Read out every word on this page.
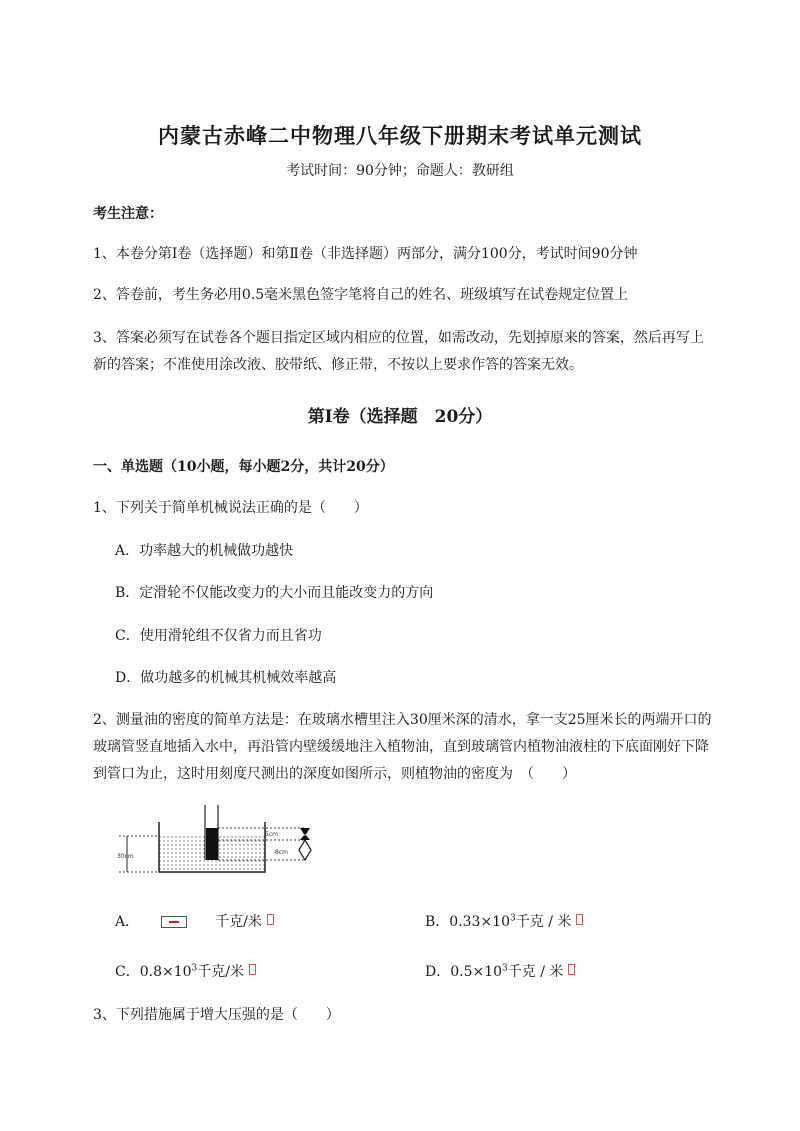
内蒙古赤峰二中物理八年级下册期末考试单元测试
考试时间：90分钟；命题人：教研组
考生注意：
1、本卷分第I卷（选择题）和第Ⅱ卷（非选择题）两部分，满分100分，考试时间90分钟
2、答卷前，考生务必用0.5毫米黑色签字笔将自己的姓名、班级填写在试卷规定位置上
3、答案必须写在试卷各个题目指定区域内相应的位置，如需改动，先划掉原来的答案，然后再写上新的答案；不准使用涂改液、胶带纸、修正带，不按以上要求作答的答案无效。
第I卷（选择题　20分）
一、单选题（10小题，每小题2分，共计20分）
1、下列关于简单机械说法正确的是（　　）
A．功率越大的机械做功越快
B．定滑轮不仅能改变力的大小而且能改变力的方向
C．使用滑轮组不仅省力而且省功
D．做功越多的机械其机械效率越高
2、测量油的密度的简单方法是：在玻璃水槽里注入30厘米深的清水，拿一支25厘米长的两端开口的玻璃管竖直地插入水中，再沿管内壁缓缓地注入植物油，直到玻璃管内植物油液柱的下底面刚好下降到管口为止，这时用刻度尺测出的深度如图所示，则植物油的密度为　（　　）
30cm
5cm
8cm
A．	千克/米	B．$0.33\times 10^3$千克 / 米
C．$0.8\times 10^3$千克/米	D．$0.5\times 10^3$千克 / 米
3、下列措施属于增大压强的是（　　）
